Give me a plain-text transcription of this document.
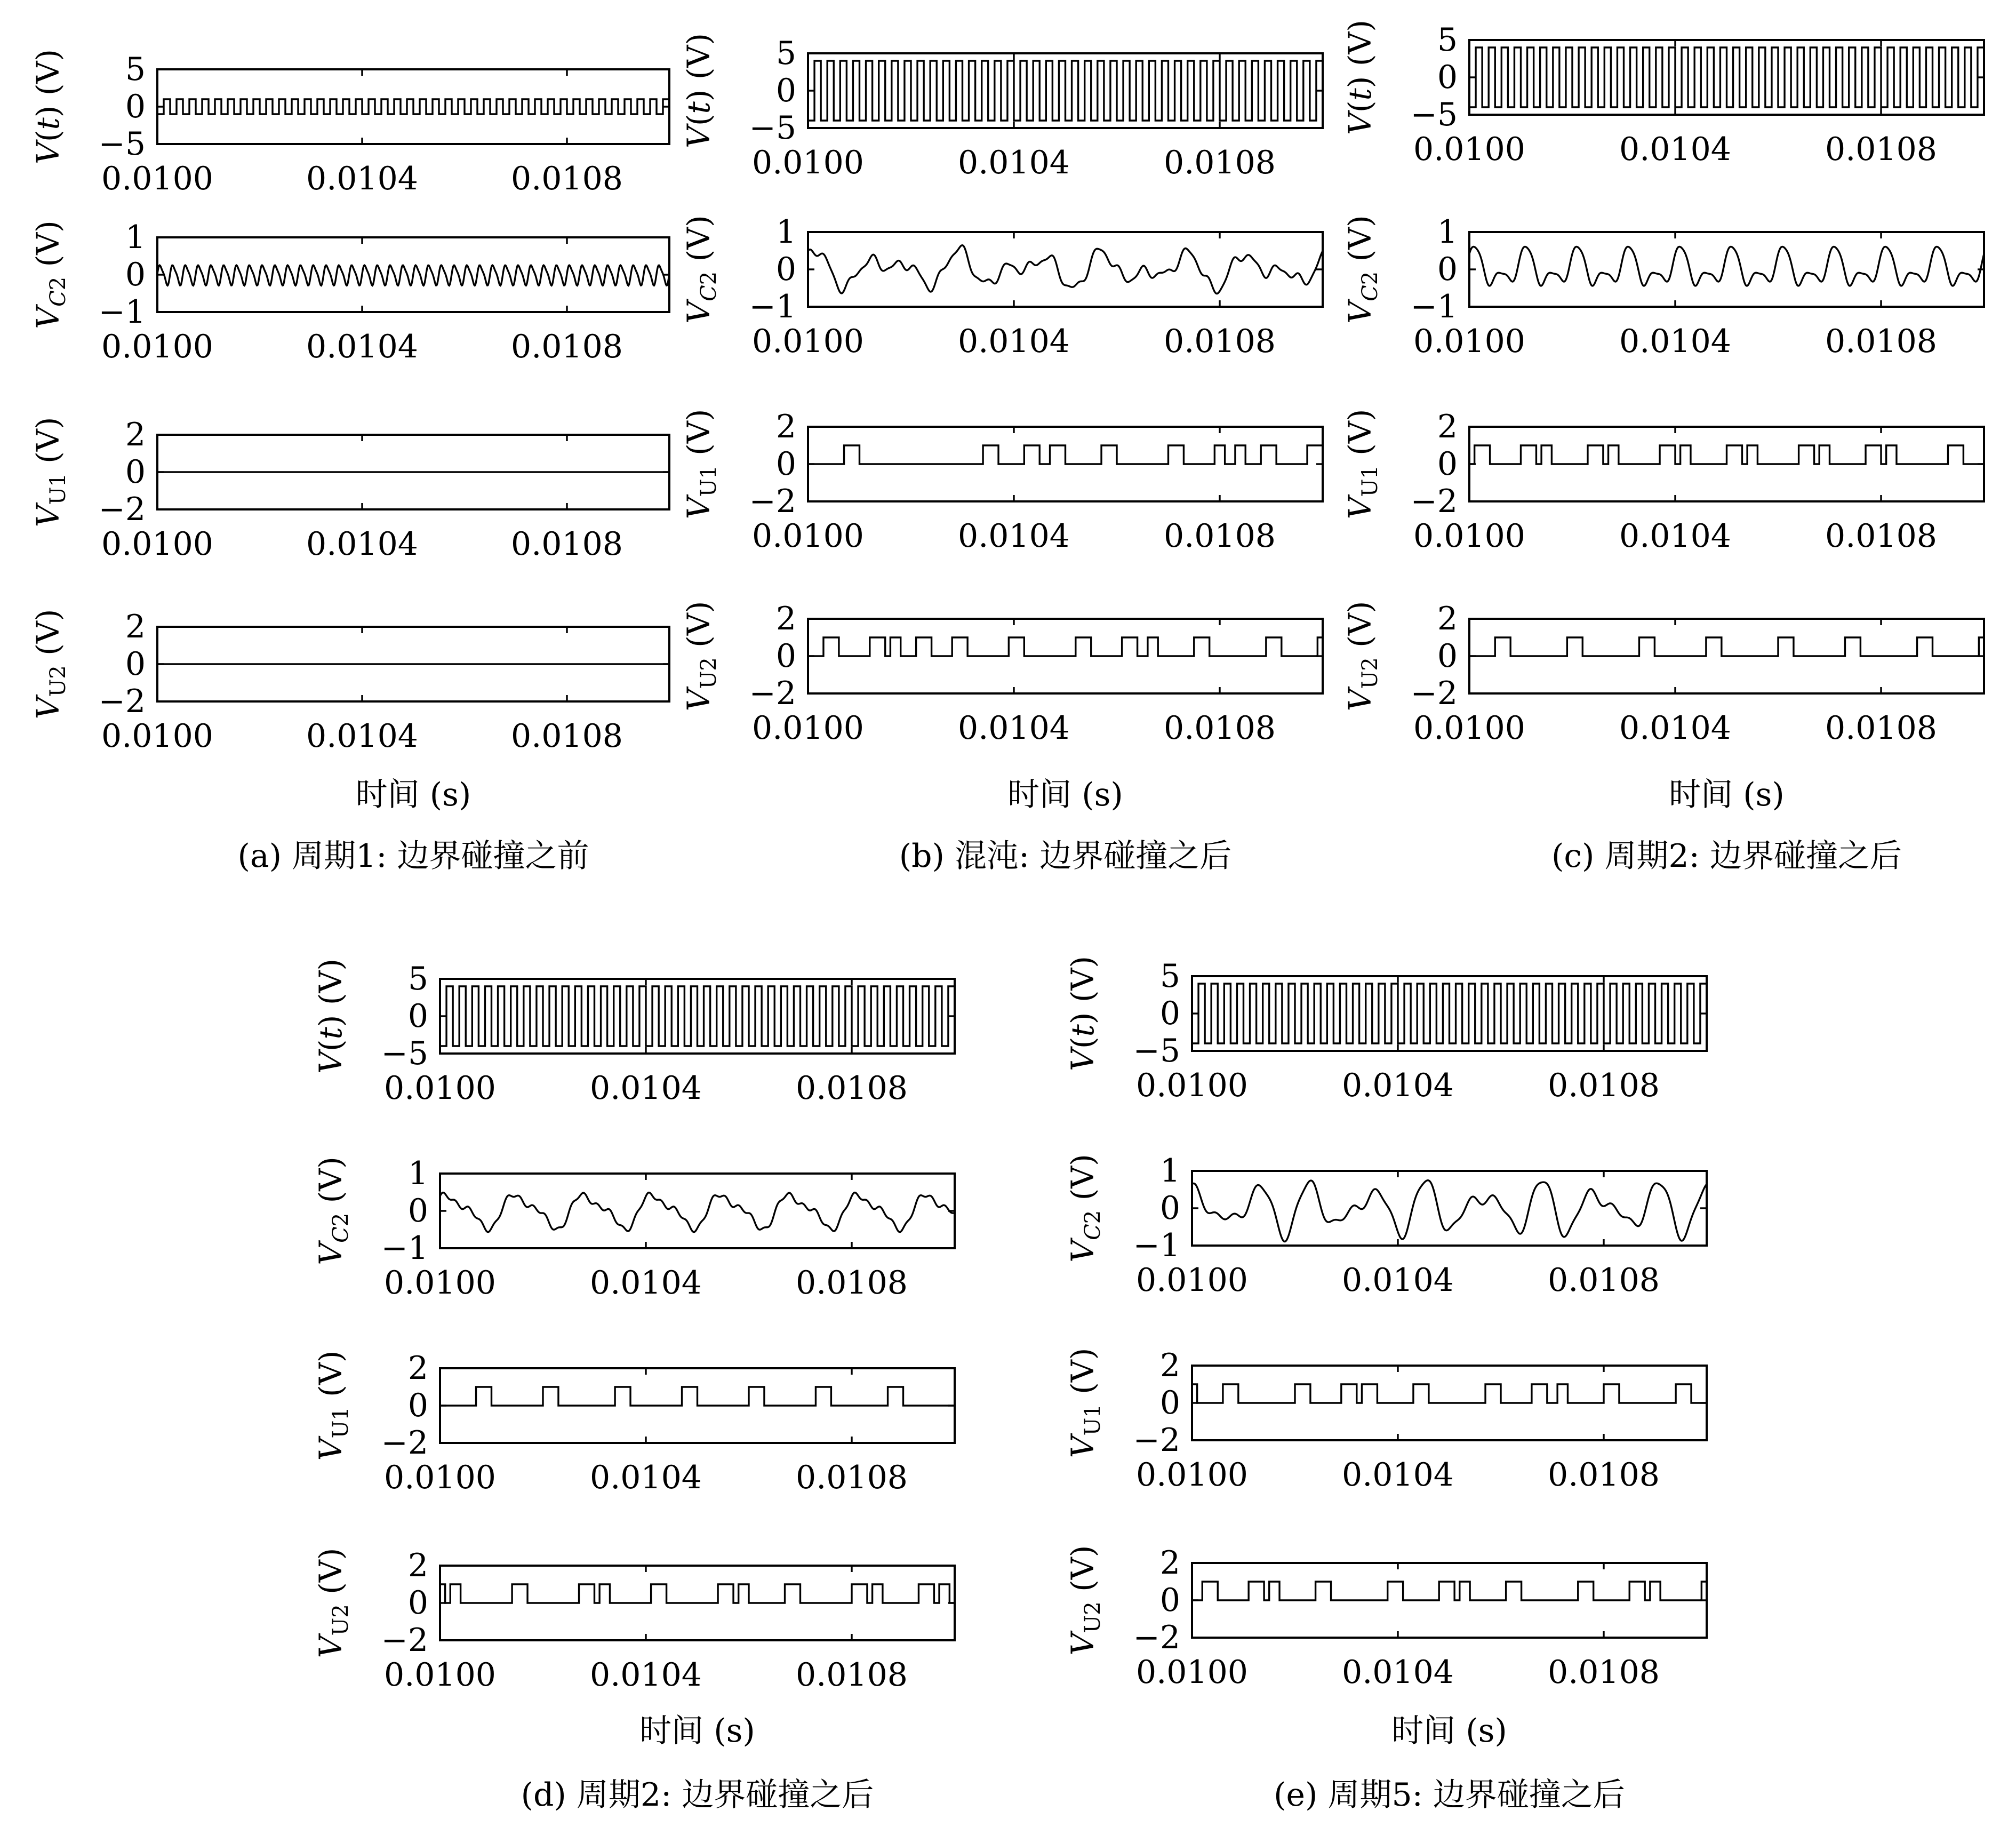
0.0100	0.0104	0.0108
5
0
−5
V(t) (V)
0.0100	0.0104	0.0108
1
0
−1
$V_C2$ (V)
0.0100	0.0104	0.0108
2
0
−2
$V_{U1}$ (V)
0.0100	0.0104	0.0108
2
0
−2
$V_{U2}$ (V)
时间 (s)
(a) 周期1: 边界碰撞之前
0.0100	0.0104	0.0108
5
0
−5
V(t) (V)
0.0100	0.0104	0.0108
1
0
−1
$V_C2$ (V)
0.0100	0.0104	0.0108
2
0
−2
$V_{U1}$ (V)
0.0100	0.0104	0.0108
2
0
−2
$V_{U2}$ (V)
时间 (s)
(b) 混沌: 边界碰撞之后
0.0100	0.0104	0.0108
5
0
−5
V(t) (V)
0.0100	0.0104	0.0108
1
0
−1
$V_C2$ (V)
0.0100	0.0104	0.0108
2
0
−2
$V_{U1}$ (V)
0.0100	0.0104	0.0108
2
0
−2
$V_{U2}$ (V)
时间 (s)
(c) 周期2: 边界碰撞之后
0.0100	0.0104	0.0108
5
0
−5
V(t) (V)
0.0100	0.0104	0.0108
1
0
−1
$V_C2$ (V)
0.0100	0.0104	0.0108
2
0
−2
$V_{U1}$ (V)
0.0100	0.0104	0.0108
2
0
−2
$V_{U2}$ (V)
时间 (s)
(d) 周期2: 边界碰撞之后
0.0100	0.0104	0.0108
5
0
−5
V(t) (V)
0.0100	0.0104	0.0108
1
0
−1
$V_C2$ (V)
0.0100	0.0104	0.0108
2
0
−2
$V_{U1}$ (V)
0.0100	0.0104	0.0108
2
0
−2
$V_{U2}$ (V)
时间 (s)
(e) 周期5: 边界碰撞之后
